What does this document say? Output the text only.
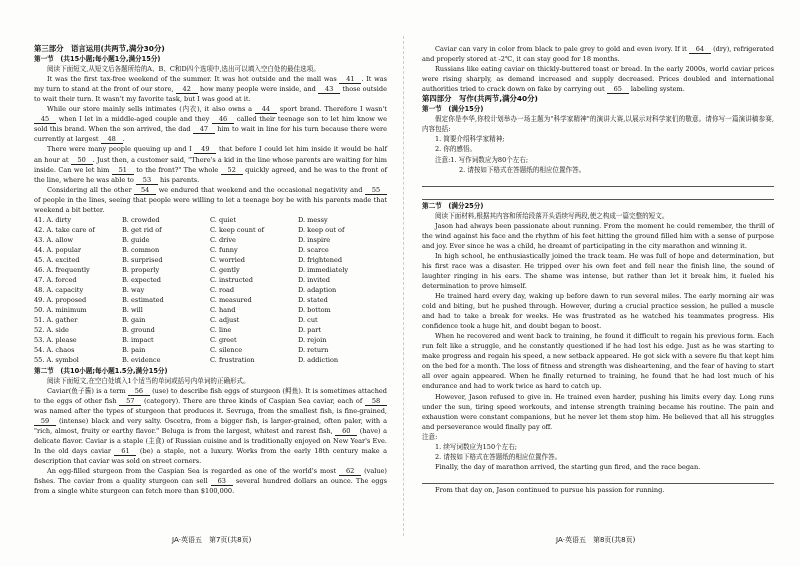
第三部分　语言运用(共两节,满分30分)

第一节　(共15小题;每小题1分,满分15分)

阅读下面短文,从短文后各题所给的A、B、C和D四个选项中,选出可以填入空白处的最佳选项。

It was the first tax-free weekend of the summer. It was hot outside and the mall was 41 . It was my turn to stand at the front of our store, 42 how many people were inside, and 43 those outside to wait their turn. It wasn't my favorite task, but I was good at it.

While our store mainly sells intimates (内衣), it also owns a 44 sport brand. Therefore I wasn't 45 when I let in a middle-aged couple and they 46 called their teenage son to let him know we sold this brand. When the son arrived, the dad 47 him to wait in line for his turn because there were currently at largest 48 .

There were many people queuing up and I 49 that before I could let him inside it would be half an hour at 50 . Just then, a customer said, "There's a kid in the line whose parents are waiting for him inside. Can we let him 51 to the front?" The whole 52 quickly agreed, and he was to the front of the line, where he was able to 53 his parents.

Considering all the other 54 we endured that weekend and the occasional negativity and 55 of people in the lines, seeing that people were willing to let a teenage boy be with his parents made that weekend a bit better.

41. A. dirty	B. crowded	C. quiet	D. messy
42. A. take care of	B. get rid of	C. keep count of	D. keep out of
43. A. allow	B. guide	C. drive	D. inspire
44. A. popular	B. common	C. funny	D. scarce
45. A. excited	B. surprised	C. worried	D. frightened
46. A. frequently	B. properly	C. gently	D. immediately
47. A. forced	B. expected	C. instructed	D. invited
48. A. capacity	B. way	C. road	D. adaption
49. A. proposed	B. estimated	C. measured	D. stated
50. A. minimum	B. will	C. hand	D. bottom
51. A. gather	B. gain	C. adjust	D. cut
52. A. side	B. ground	C. line	D. part
53. A. please	B. impact	C. greet	D. rejoin
54. A. chaos	B. pain	C. silence	D. return
55. A. symbol	B. evidence	C. frustration	D. addiction

第二节　(共10小题;每小题1.5分,满分15分)

阅读下面短文,在空白处填入1个适当的单词或括号内单词的正确形式。

Caviar(鱼子酱) is a term 56 (use) to describe fish eggs of sturgeon (鲟鱼). It is sometimes attached to the eggs of other fish 57 (category). There are three kinds of Caspian Sea caviar, each of 58 was named after the types of sturgeon that produces it. Sevruga, from the smallest fish, is fine-grained, 59 (intense) black and very salty. Oscetra, from a bigger fish, is larger-grained, often paler, with a "rich, almost, fruity or earthy flavor." Beluga is from the largest, whitest and rarest fish, 60 (have) a delicate flavor. Caviar is a staple (主食) of Russian cuisine and is traditionally enjoyed on New Year's Eve. In the old days caviar 61 (be) a staple, not a luxury. Works from the early 18th century make a description that caviar was sold on street corners.

An egg-filled sturgeon from the Caspian Sea is regarded as one of the world's most 62 (value) fishes. The caviar from a quality sturgeon can sell 63 several hundred dollars an ounce. The eggs from a single white sturgeon can fetch more than $100,000.

Caviar can vary in color from black to pale grey to gold and even ivory. If it 64 (dry), refrigerated and properly stored at -2℃, it can stay good for 18 months.

Russians like eating caviar on thickly-buttered toast or bread. In the early 2000s, world caviar prices were rising sharply, as demand increased and supply decreased. Prices doubled and international authorities tried to crack down on fake by carrying out 65 labeling system.

第四部分　写作(共两节,满分40分)

第一节　(满分15分)

假定你是李华,你校计划举办一场主题为"科学家精神"的演讲大赛,以展示对科学家们的敬意。请你写一篇演讲稿参赛,内容包括:

1. 简要介绍科学家精神;

2. 你的感悟。

注意:1. 写作词数应为80个左右;

2. 请按如下格式在答题纸的相应位置作答。

第二节　(满分25分)

阅读下面材料,根据其内容和所给段落开头语续写两段,使之构成一篇完整的短文。

Jason had always been passionate about running. From the moment he could remember, the thrill of the wind against his face and the rhythm of his feet hitting the ground filled him with a sense of purpose and joy. Ever since he was a child, he dreamt of participating in the city marathon and winning it.

In high school, he enthusiastically joined the track team. He was full of hope and determination, but his first race was a disaster. He tripped over his own feet and fell near the finish line, the sound of laughter ringing in his ears. The shame was intense, but rather than let it break him, it fueled his determination to prove himself.

He trained hard every day, waking up before dawn to run several miles. The early morning air was cold and biting, but he pushed through. However, during a crucial practice session, he pulled a muscle and had to take a break for weeks. He was frustrated as he watched his teammates progress. His confidence took a huge hit, and doubt began to boost.

When he recovered and went back to training, he found it difficult to regain his previous form. Each run felt like a struggle, and he constantly questioned if he had lost his edge. Just as he was starting to make progress and regain his speed, a new setback appeared. He got sick with a severe flu that kept him on the bed for a month. The loss of fitness and strength was disheartening, and the fear of having to start all over again appeared. When he finally returned to training, he found that he had lost much of his endurance and had to work twice as hard to catch up.

However, Jason refused to give in. He trained even harder, pushing his limits every day. Long runs under the sun, tiring speed workouts, and intense strength training became his routine. The pain and exhaustion were constant companions, but he never let them stop him. He believed that all his struggles and perseverance would finally pay off.

注意:

1. 续写词数应为150个左右;

2. 请按如下格式在答题纸的相应位置作答。

Finally, the day of marathon arrived, the starting gun fired, and the race began.

From that day on, Jason continued to pursue his passion for running.

JA·英语五　第7页(共8页)	JA·英语五　第8页(共8页)
